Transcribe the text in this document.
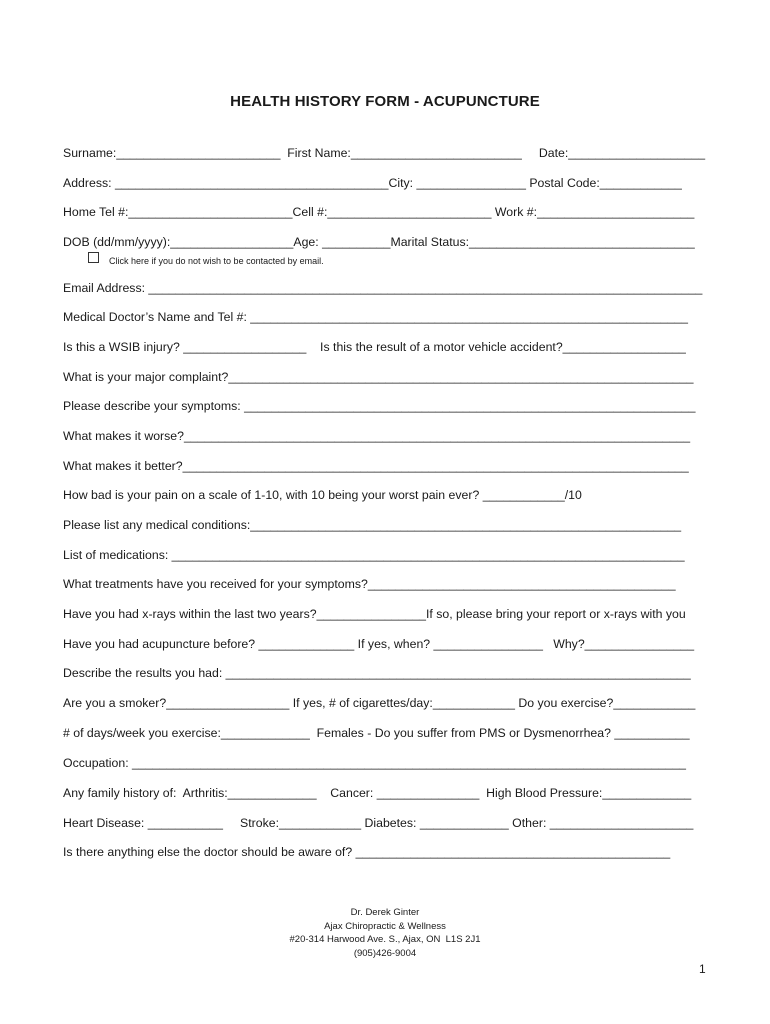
HEALTH HISTORY FORM - ACUPUNCTURE
Surname:________________________  First Name:_________________________     Date:____________________
Address: ________________________________________City: ________________ Postal Code:____________
Home Tel #:________________________Cell #:________________________ Work #:_______________________
DOB (dd/mm/yyyy):__________________Age: __________Marital Status:_________________________________
Click here if you do not wish to be contacted by email.
Email Address: _________________________________________________________________________________
Medical Doctor’s Name and Tel #: ________________________________________________________________
Is this a WSIB injury? __________________    Is this the result of a motor vehicle accident?__________________
What is your major complaint?____________________________________________________________________
Please describe your symptoms: __________________________________________________________________
What makes it worse?__________________________________________________________________________
What makes it better?__________________________________________________________________________
How bad is your pain on a scale of 1-10, with 10 being your worst pain ever? ____________/10
Please list any medical conditions:_______________________________________________________________
List of medications: ___________________________________________________________________________
What treatments have you received for your symptoms?_____________________________________________
Have you had x-rays within the last two years?________________If so, please bring your report or x-rays with you
Have you had acupuncture before? ______________ If yes, when? ________________   Why?________________
Describe the results you had: ____________________________________________________________________
Are you a smoker?__________________ If yes, # of cigarettes/day:____________ Do you exercise?____________
# of days/week you exercise:_____________  Females - Do you suffer from PMS or Dysmenorrhea? ___________
Occupation: _________________________________________________________________________________
Any family history of:  Arthritis:_____________    Cancer: _______________  High Blood Pressure:_____________
Heart Disease: ___________     Stroke:____________ Diabetes: _____________ Other: _____________________
Is there anything else the doctor should be aware of? ______________________________________________
Dr. Derek Ginter
Ajax Chiropractic & Wellness
#20-314 Harwood Ave. S., Ajax, ON  L1S 2J1
(905)426-9004
1
